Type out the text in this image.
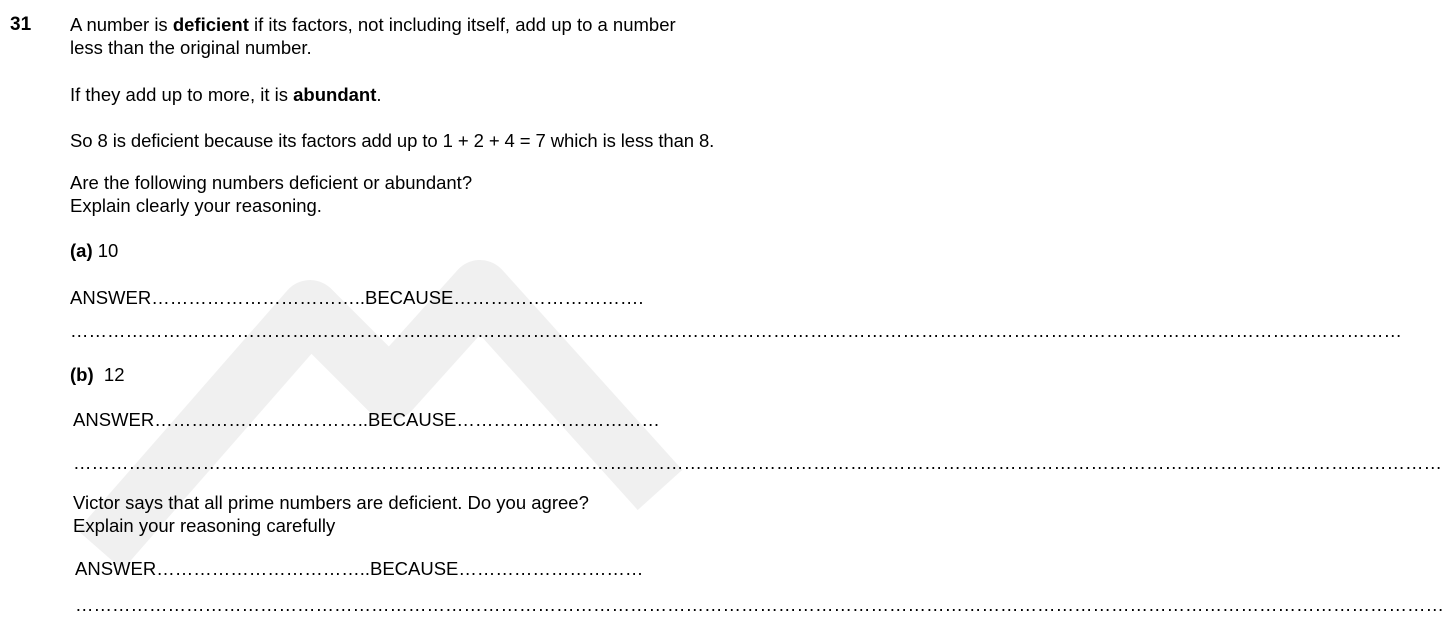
31 A number is deficient if its factors, not including itself, add up to a number
less than the original number.
If they add up to more, it is abundant.
So 8 is deficient because its factors add up to 1 + 2 + 4 = 7 which is less than 8.
Are the following numbers deficient or abundant?
Explain clearly your reasoning.
(a) 10
ANSWER……………………………..BECAUSE………………………….
………………………………………………………………………………………………………………………………………………………………………………………………
(b) 12
ANSWER……………………………..BECAUSE……………………………
……………………………………………………………………………………………………………………………………………………………………………………………………
Victor says that all prime numbers are deficient. Do you agree?
Explain your reasoning carefully
ANSWER……………………………..BECAUSE…………………………
……………………………………………………………………………………………………………………………………………………………………………………………………
